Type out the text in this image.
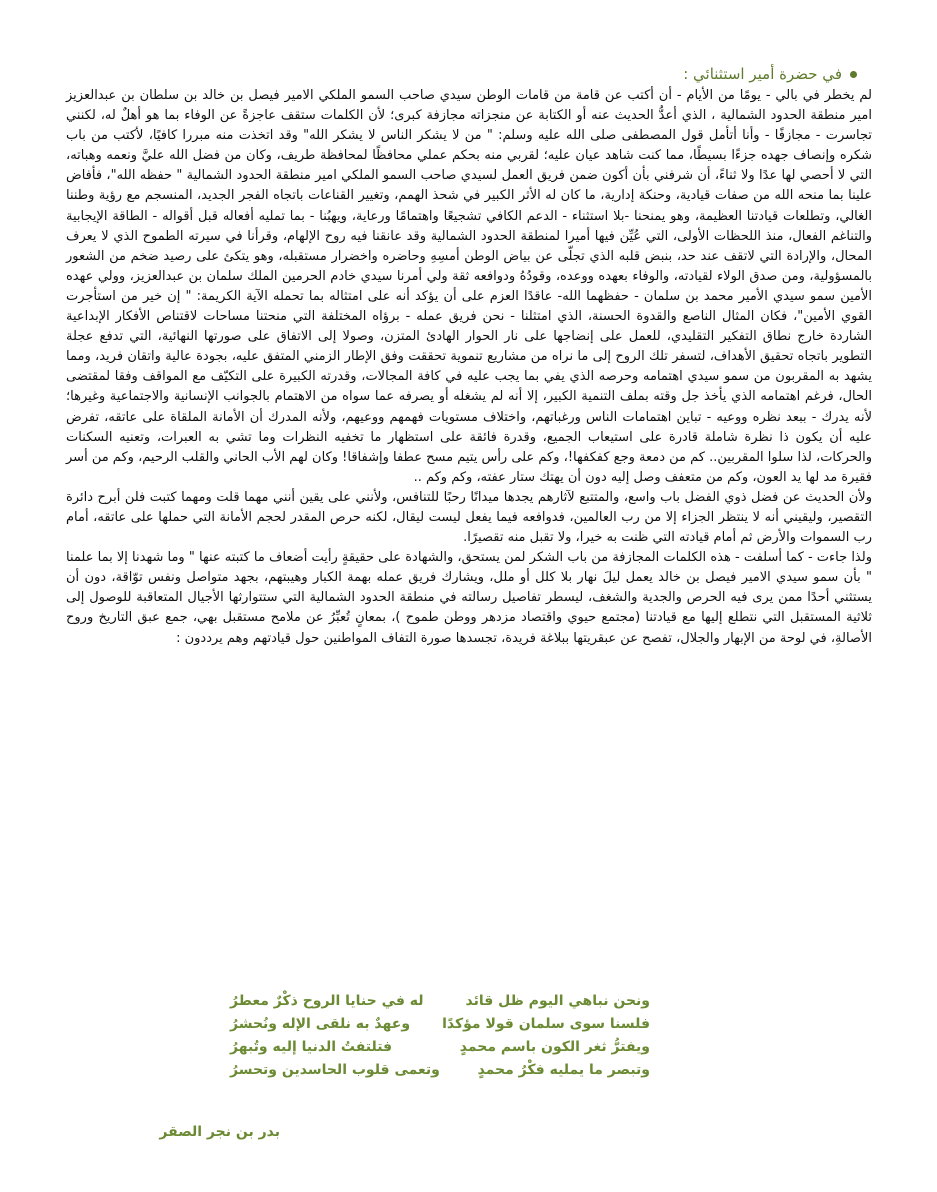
في حضرة أمير استثنائي :

لم يخطر في بالي - يومًا من الأيام - أن أكتب عن قامة من قامات الوطن سيدي صاحب السمو الملكي الامير فيصل بن خالد بن سلطان بن عبدالعزيز امير منطقة الحدود الشمالية ، الذي أعدُّ الحديث عنه أو الكتابة عن منجزاته مجازفة كبرى؛ لأن الكلمات ستقف عاجزةً عن الوفاء بما هو أهلٌ له، لكنني تجاسرت - مجازفًا - وأنا أتأمل قول المصطفى صلى الله عليه وسلم: " من لا يشكر الناس لا يشكر الله" وقد اتخذت منه مبررا كافيًا، لأكتب من باب شكره وإنصاف جهده جزءًا بسيطًا، مما كنت شاهد عيان عليه؛ لقربي منه بحكم عملي محافظًا لمحافظة طريف، وكان من فضل الله عليَّ ونعمه وهباته، التي لا أحصي لها عدًا ولا ثناءً، أن شرفني بأن أكون ضمن فريق العمل لسيدي صاحب السمو الملكي امير منطقة الحدود الشمالية " حفظه الله"، فأفاض علينا بما منحه الله من صفات قيادية، وحنكة إدارية، ما كان له الأثر الكبير في شحذ الهمم، وتغيير القناعات باتجاه الفجر الجديد، المنسجم مع رؤية وطننا الغالي، وتطلعات قيادتنا العظيمة، وهو يمنحنا -بلا استثناء - الدعم الكافي تشجيعًا واهتمامًا ورعاية، ويهبُنا - بما تمليه أفعاله قبل أقواله - الطاقة الإيجابية والتناغم الفعال، منذ اللحظات الأولى، التي عُيِّن فيها أميرا لمنطقة الحدود الشمالية وقد عانقنا فيه روح الإلهام، وقرأنا في سيرته الطموح الذي لا يعرف المحال، والإرادة التي لاتقف عند حد، بنبض قلبه الذي تجلّى عن بياض الوطن أمسِهِ وحاضره واخضرار مستقبله، وهو يتكئ على رصيد ضخم من الشعور بالمسؤولية، ومن صدق الولاء لقيادته، والوفاء بعهده ووعده، وقودُهُ ودوافعه ثقة ولي أمرنا سيدي خادم الحرمين الملك سلمان بن عبدالعزيز، وولي عهده الأمين سمو سيدي الأمير محمد بن سلمان - حفظهما الله- عاقدًا العزم على أن يؤكد أنه على امتثاله بما تحمله الآية الكريمة: " إن خير من استأجرت القوي الأمين"، فكان المثال الناصع والقدوة الحسنة، الذي امتثلنا - نحن فريق عمله - برؤاه المختلفة التي منحتنا مساحات لاقتناص الأفكار الإبداعية الشاردة خارج نطاق التفكير التقليدي، للعمل على إنضاجها على نار الحوار الهادئ المتزن، وصولا إلى الاتفاق على صورتها النهائية، التي تدفع عجلة التطوير باتجاه تحقيق الأهداف، لتسفر تلك الروح إلى ما نراه من مشاريع تنموية تحققت وفق الإطار الزمني المتفق عليه، بجودة عالية واتقان فريد، ومما يشهد به المقربون من سمو سيدي اهتمامه وحرصه الذي يفي بما يجب عليه في كافة المجالات، وقدرته الكبيرة على التكيّف مع المواقف وفقا لمقتضى الحال، فرغم اهتمامه الذي يأخذ جل وقته بملف التنمية الكبير، إلا أنه لم يشغله أو يصرفه عما سواه من الاهتمام بالجوانب الإنسانية والاجتماعية وغيرها؛ لأنه يدرك - ببعد نظره ووعيه - تباين اهتمامات الناس ورغباتهم، واختلاف مستويات فهمهم ووعيهم، ولأنه المدرك أن الأمانة الملقاة على عاتقه، تفرض عليه أن يكون ذا نظرة شاملة قادرة على استيعاب الجميع، وقدرة فائقة على استظهار ما تخفيه النظرات وما تشي به العبرات، وتعنيه السكنات والحركات، لذا سلوا المقربين.. كم من دمعة وجع كفكفها!، وكم على رأس يتيم مسح عطفا وإشفاقا! وكان لهم الأب الحاني والقلب الرحيم، وكم من أسر فقيرة مد لها يد العون، وكم من متعفف وصل إليه دون أن يهتك ستار عفته، وكم وكم ..

ولأن الحديث عن فضل ذوي الفضل باب واسع، والمتتبع لآثارهم يجدها ميدانًا رحبًا للتنافس، ولأنني على يقين أنني مهما قلت ومهما كتبت فلن أبرح دائرة التقصير، وليقيني أنه لا ينتظر الجزاء إلا من رب العالمين، فدوافعه فيما يفعل ليست ليقال، لكنه حرص المقدر لحجم الأمانة التي حملها على عاتقه، أمام رب السموات والأرض ثم أمام قيادته التي ظنت به خيرا، ولا تقبل منه تقصيرًا.

ولذا جاءت - كما أسلفت - هذه الكلمات المجازفة من باب الشكر لمن يستحق، والشهادة على حقيقةٍ رأيت أضعاف ما كتبته عنها " وما شهدنا إلا بما علمنا " بأن سمو سيدي الامير فيصل بن خالد يعمل ليلَ نهار بلا كلل أو ملل، ويشارك فريق عمله بهمة الكبار وهيبتهم، بجهد متواصل ونفس توّاقة، دون أن يستثني أحدًا ممن يرى فيه الحرص والجدية والشغف، ليسطر تفاصيل رسالته في منطقة الحدود الشمالية التي ستتوارثها الأجيال المتعاقبة للوصول إلى ثلاثية المستقبل التي نتطلع إليها مع قيادتنا (مجتمع حيوي واقتصاد مزدهر ووطن طموح )، بمعانٍ تُعبِّرُ عن ملامح مستقبل بهي، جمع عبق التاريخ وروح الأصالةِ، في لوحة من الإبهار والجلال، تفصح عن عبقريتها ببلاغة فريدة، تجسدها صورة التفاف المواطنين حول قيادتهم وهم يرددون :

ونحن نباهي اليوم ظل قائد
له في حنايا الروح ذكْرٌ معطرُ
فلسنا سوى سلمان قولا مؤكدًا
وعهدٌ به نلقى الإله ونُحشرُ
ويفترُّ ثغر الكون باسم محمدٍ
فتلتفتُ الدنيا إليه وتُبهرُ
وتبصر ما يمليه فكْرُ محمدٍ
وتعمى قلوب الحاسدين وتحسرُ
بدر بن نجر الصقر
